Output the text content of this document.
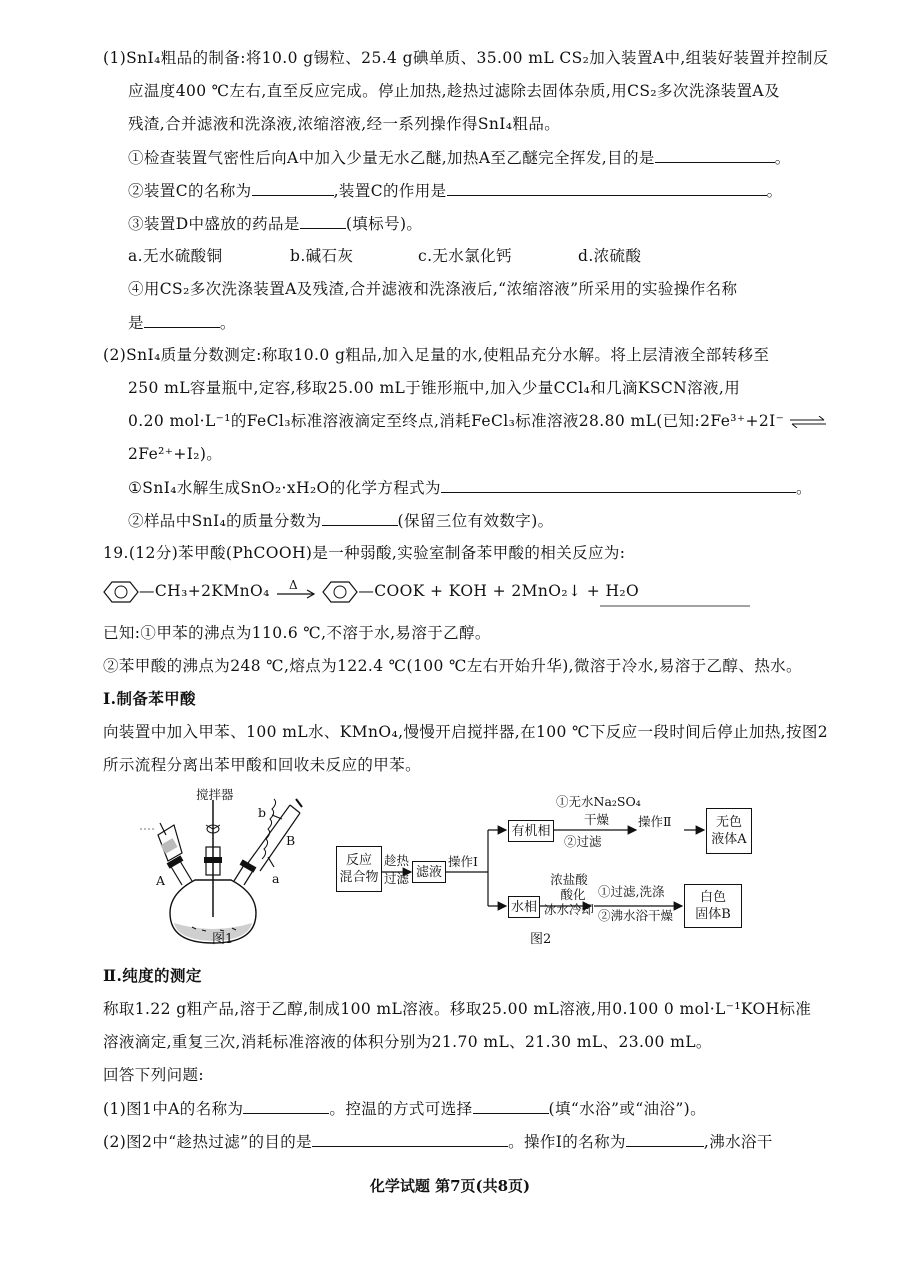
(1)SnI₄粗品的制备:将10.0 g锡粒、25.4 g碘单质、35.00 mL CS₂加入装置A中,组装好装置并控制反
应温度400 ℃左右,直至反应完成。停止加热,趁热过滤除去固体杂质,用CS₂多次洗涤装置A及
残渣,合并滤液和洗涤液,浓缩溶液,经一系列操作得SnI₄粗品。
①检查装置气密性后向A中加入少量无水乙醚,加热A至乙醚完全挥发,目的是	。
②装置C的名称为	,装置C的作用是	。
③装置D中盛放的药品是	(填标号)。
a.无水硫酸铜	b.碱石灰	c.无水氯化钙	d.浓硫酸
④用CS₂多次洗涤装置A及残渣,合并滤液和洗涤液后,“浓缩溶液”所采用的实验操作名称
是	。
(2)SnI₄质量分数测定:称取10.0 g粗品,加入足量的水,使粗品充分水解。将上层清液全部转移至
250 mL容量瓶中,定容,移取25.00 mL于锥形瓶中,加入少量CCl₄和几滴KSCN溶液,用
0.20 mol·L⁻¹的FeCl₃标准溶液滴定至终点,消耗FeCl₃标准溶液28.80 mL(已知:2Fe³⁺+2I⁻ ⇌
2Fe²⁺+I₂)。
①SnI₄水解生成SnO₂·xH₂O的化学方程式为	。
②样品中SnI₄的质量分数为	(保留三位有效数字)。
19.(12分)苯甲酸(PhCOOH)是一种弱酸,实验室制备苯甲酸的相关反应为:
—CH₃+2KMnO₄ Δ	—COOK + KOH + 2MnO₂↓ + H₂O
已知:①甲苯的沸点为110.6 ℃,不溶于水,易溶于乙醇。
②苯甲酸的沸点为248 ℃,熔点为122.4 ℃(100 ℃左右开始升华),微溶于冷水,易溶于乙醇、热水。
Ⅰ.制备苯甲酸
向装置中加入甲苯、100 mL水、KMnO₄,慢慢开启搅拌器,在100 ℃下反应一段时间后停止加热,按图2
所示流程分离出苯甲酸和回收未反应的甲苯。
搅拌器
A
b
B
a
图1
反应
混合物
趁热
过滤 滤液
操作Ⅰ
有机相
①无水Na₂SO₄
干燥
②过滤
操作Ⅱ	无色
液体A
水相
浓盐酸
酸化
冰水冷却
①过滤,洗涤
②沸水浴干燥
白色
固体B
图2
Ⅱ.纯度的测定
称取1.22 g粗产品,溶于乙醇,制成100 mL溶液。移取25.00 mL溶液,用0.100 0 mol·L⁻¹KOH标准
溶液滴定,重复三次,消耗标准溶液的体积分别为21.70 mL、21.30 mL、23.00 mL。
回答下列问题:
(1)图1中A的名称为	。控温的方式可选择	(填“水浴”或“油浴”)。
(2)图2中“趁热过滤”的目的是	。操作Ⅰ的名称为	,沸水浴干
化学试题 第7页(共8页)
